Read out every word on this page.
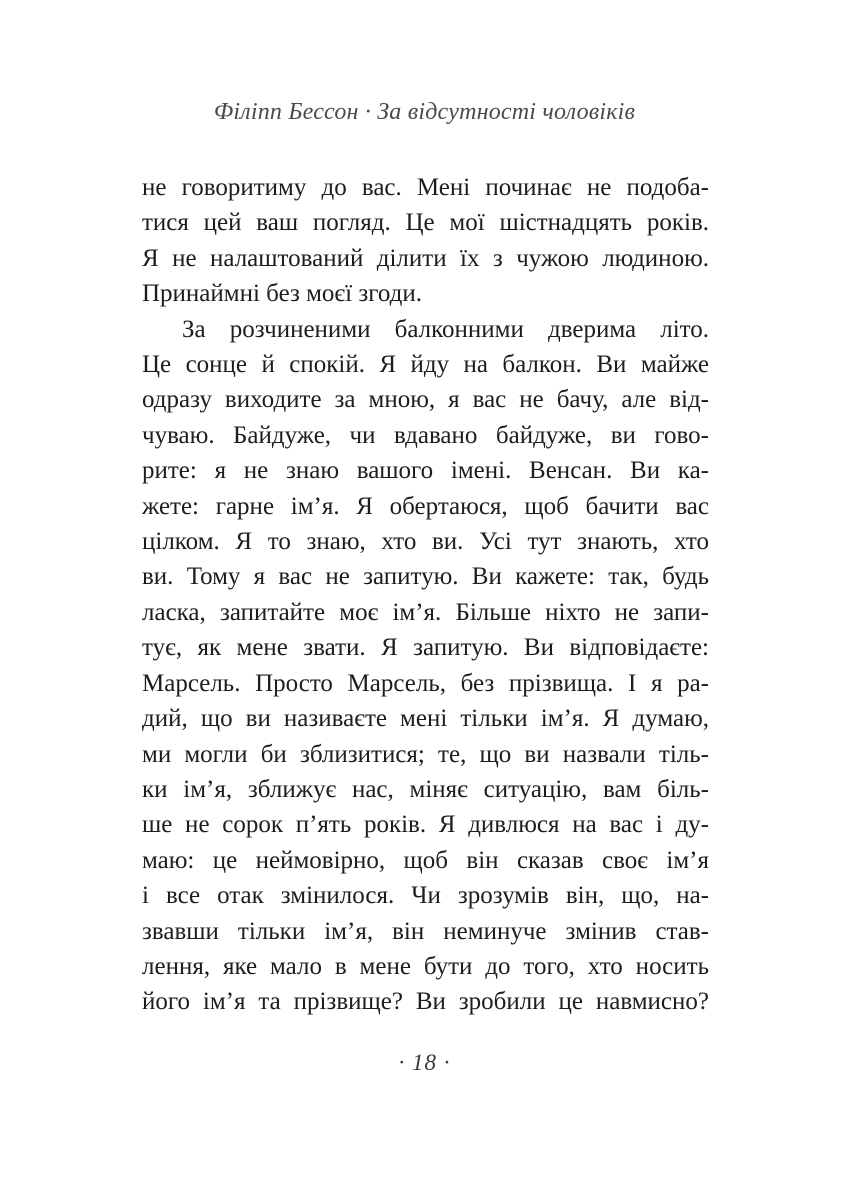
Філіпп Бессон · За відсутності чоловіків
не говоритиму до вас. Мені починає не подоба-
тися цей ваш погляд. Це мої шістнадцять років.
Я не налаштований ділити їх з чужою людиною.
Принаймні без моєї згоди.
За розчиненими балконними дверима літо.
Це сонце й спокій. Я йду на балкон. Ви майже
одразу виходите за мною, я вас не бачу, але від-
чуваю. Байдуже, чи вдавано байдуже, ви гово-
рите: я не знаю вашого імені. Венсан. Ви ка-
жете: гарне ім’я. Я обертаюся, щоб бачити вас
цілком. Я то знаю, хто ви. Усі тут знають, хто
ви. Тому я вас не запитую. Ви кажете: так, будь
ласка, запитайте моє ім’я. Більше ніхто не запи-
тує, як мене звати. Я запитую. Ви відповідаєте:
Марсель. Просто Марсель, без прізвища. І я ра-
дий, що ви називаєте мені тільки ім’я. Я думаю,
ми могли би зблизитися; те, що ви назвали тіль-
ки ім’я, зближує нас, міняє ситуацію, вам біль-
ше не сорок п’ять років. Я дивлюся на вас і ду-
маю: це неймовірно, щоб він сказав своє ім’я
і все отак змінилося. Чи зрозумів він, що, на-
звавши тільки ім’я, він неминуче змінив став-
лення, яке мало в мене бути до того, хто носить
його ім’я та прізвище? Ви зробили це навмисно?
· 18 ·
